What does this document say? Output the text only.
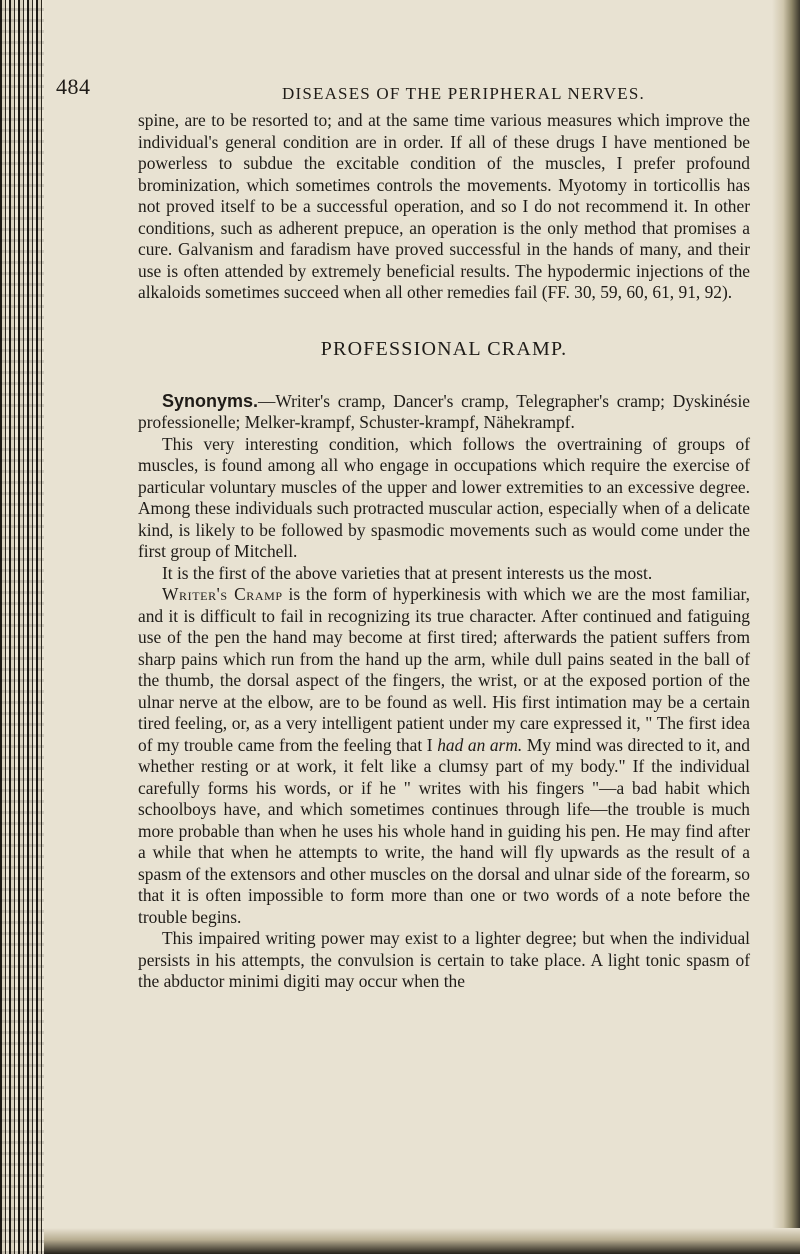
484	DISEASES OF THE PERIPHERAL NERVES.

spine, are to be resorted to; and at the same time various measures which improve the individual's general condition are in order. If all of these drugs I have mentioned be powerless to subdue the excitable condition of the muscles, I prefer profound brominization, which sometimes controls the movements. Myotomy in torticollis has not proved itself to be a successful operation, and so I do not recommend it. In other conditions, such as adherent prepuce, an operation is the only method that promises a cure. Galvanism and faradism have proved successful in the hands of many, and their use is often attended by extremely beneficial results. The hypodermic injections of the alkaloids sometimes succeed when all other remedies fail (FF. 30, 59, 60, 61, 91, 92).

PROFESSIONAL CRAMP.

Synonyms.—Writer's cramp, Dancer's cramp, Telegrapher's cramp; Dyskinésie professionelle; Melker-krampf, Schuster-krampf, Nähekrampf.

This very interesting condition, which follows the overtraining of groups of muscles, is found among all who engage in occupations which require the exercise of particular voluntary muscles of the upper and lower extremities to an excessive degree. Among these individuals such protracted muscular action, especially when of a delicate kind, is likely to be followed by spasmodic movements such as would come under the first group of Mitchell.

It is the first of the above varieties that at present interests us the most.

Writer's Cramp is the form of hyperkinesis with which we are the most familiar, and it is difficult to fail in recognizing its true character. After continued and fatiguing use of the pen the hand may become at first tired; afterwards the patient suffers from sharp pains which run from the hand up the arm, while dull pains seated in the ball of the thumb, the dorsal aspect of the fingers, the wrist, or at the exposed portion of the ulnar nerve at the elbow, are to be found as well. His first intimation may be a certain tired feeling, or, as a very intelligent patient under my care expressed it, " The first idea of my trouble came from the feeling that I had an arm. My mind was directed to it, and whether resting or at work, it felt like a clumsy part of my body." If the individual carefully forms his words, or if he " writes with his fingers "—a bad habit which schoolboys have, and which sometimes continues through life—the trouble is much more probable than when he uses his whole hand in guiding his pen. He may find after a while that when he attempts to write, the hand will fly upwards as the result of a spasm of the extensors and other muscles on the dorsal and ulnar side of the forearm, so that it is often impossible to form more than one or two words of a note before the trouble begins.

This impaired writing power may exist to a lighter degree; but when the individual persists in his attempts, the convulsion is certain to take place. A light tonic spasm of the abductor minimi digiti may occur when the
